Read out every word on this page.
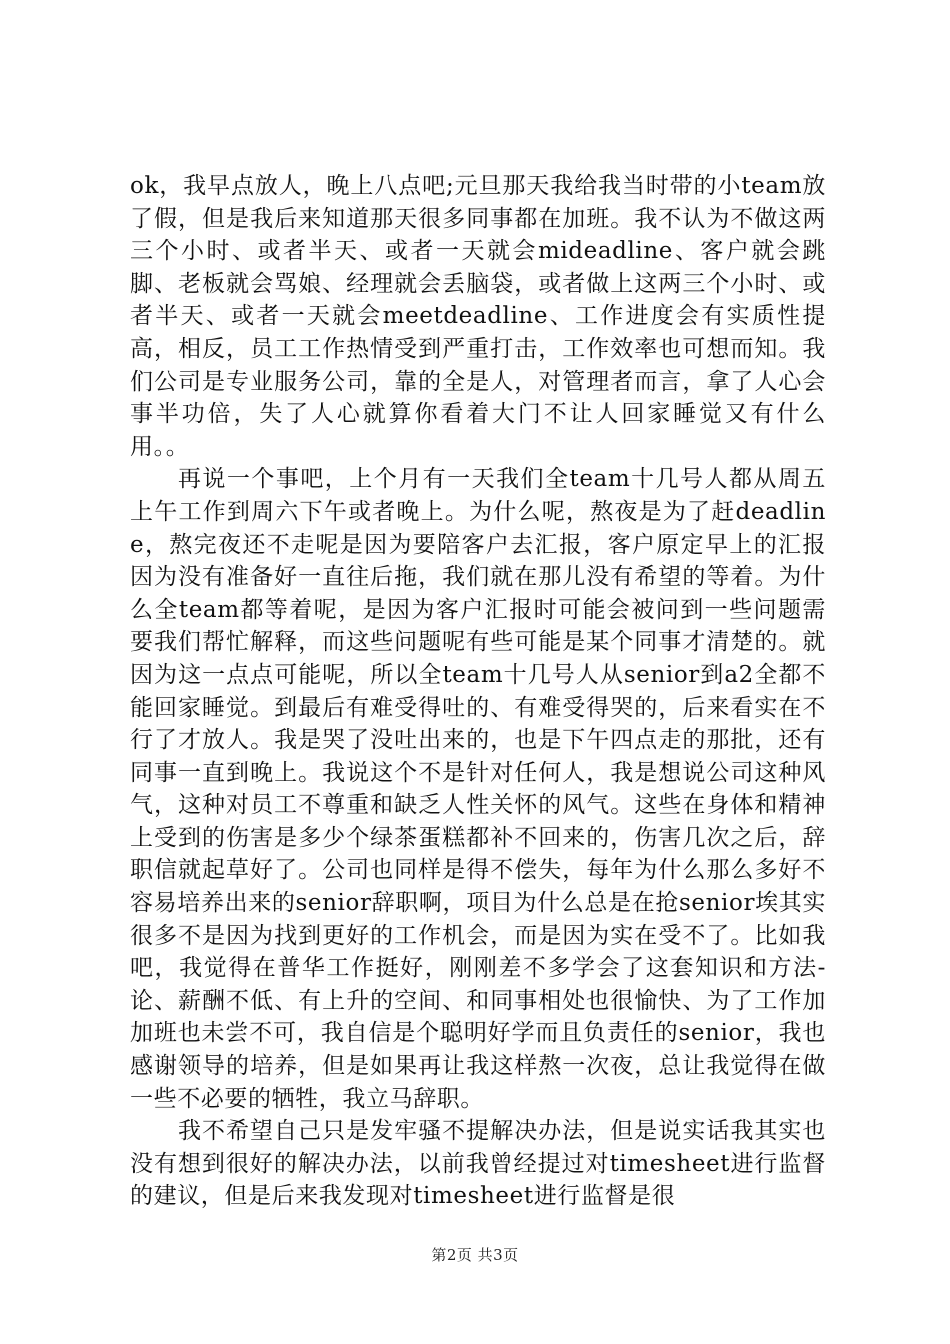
ok，我早点放人，晚上八点吧;元旦那天我给我当时带的小team放了假，但是我后来知道那天很多同事都在加班。我不认为不做这两三个小时、或者半天、或者一天就会mideadline、客户就会跳脚、老板就会骂娘、经理就会丢脑袋，或者做上这两三个小时、或者半天、或者一天就会meetdeadline、工作进度会有实质性提高，相反，员工工作热情受到严重打击，工作效率也可想而知。我们公司是专业服务公司，靠的全是人，对管理者而言，拿了人心会事半功倍，失了人心就算你看着大门不让人回家睡觉又有什么用。。

再说一个事吧，上个月有一天我们全team十几号人都从周五上午工作到周六下午或者晚上。为什么呢，熬夜是为了赶deadline，熬完夜还不走呢是因为要陪客户去汇报，客户原定早上的汇报因为没有准备好一直往后拖，我们就在那儿没有希望的等着。为什么全team都等着呢，是因为客户汇报时可能会被问到一些问题需要我们帮忙解释，而这些问题呢有些可能是某个同事才清楚的。就因为这一点点可能呢，所以全team十几号人从senior到a2全都不能回家睡觉。到最后有难受得吐的、有难受得哭的，后来看实在不行了才放人。我是哭了没吐出来的，也是下午四点走的那批，还有同事一直到晚上。我说这个不是针对任何人，我是想说公司这种风气，这种对员工不尊重和缺乏人性关怀的风气。这些在身体和精神上受到的伤害是多少个绿茶蛋糕都补不回来的，伤害几次之后，辞职信就起草好了。公司也同样是得不偿失，每年为什么那么多好不容易培养出来的senior辞职啊，项目为什么总是在抢senior埃其实很多不是因为找到更好的工作机会，而是因为实在受不了。比如我吧，我觉得在普华工作挺好，刚刚差不多学会了这套知识和方法-论、薪酬不低、有上升的空间、和同事相处也很愉快、为了工作加加班也未尝不可，我自信是个聪明好学而且负责任的senior，我也感谢领导的培养，但是如果再让我这样熬一次夜，总让我觉得在做一些不必要的牺牲，我立马辞职。

我不希望自己只是发牢骚不提解决办法，但是说实话我其实也没有想到很好的解决办法，以前我曾经提过对timesheet进行监督的建议，但是后来我发现对timesheet进行监督是很

第2页 共3页
